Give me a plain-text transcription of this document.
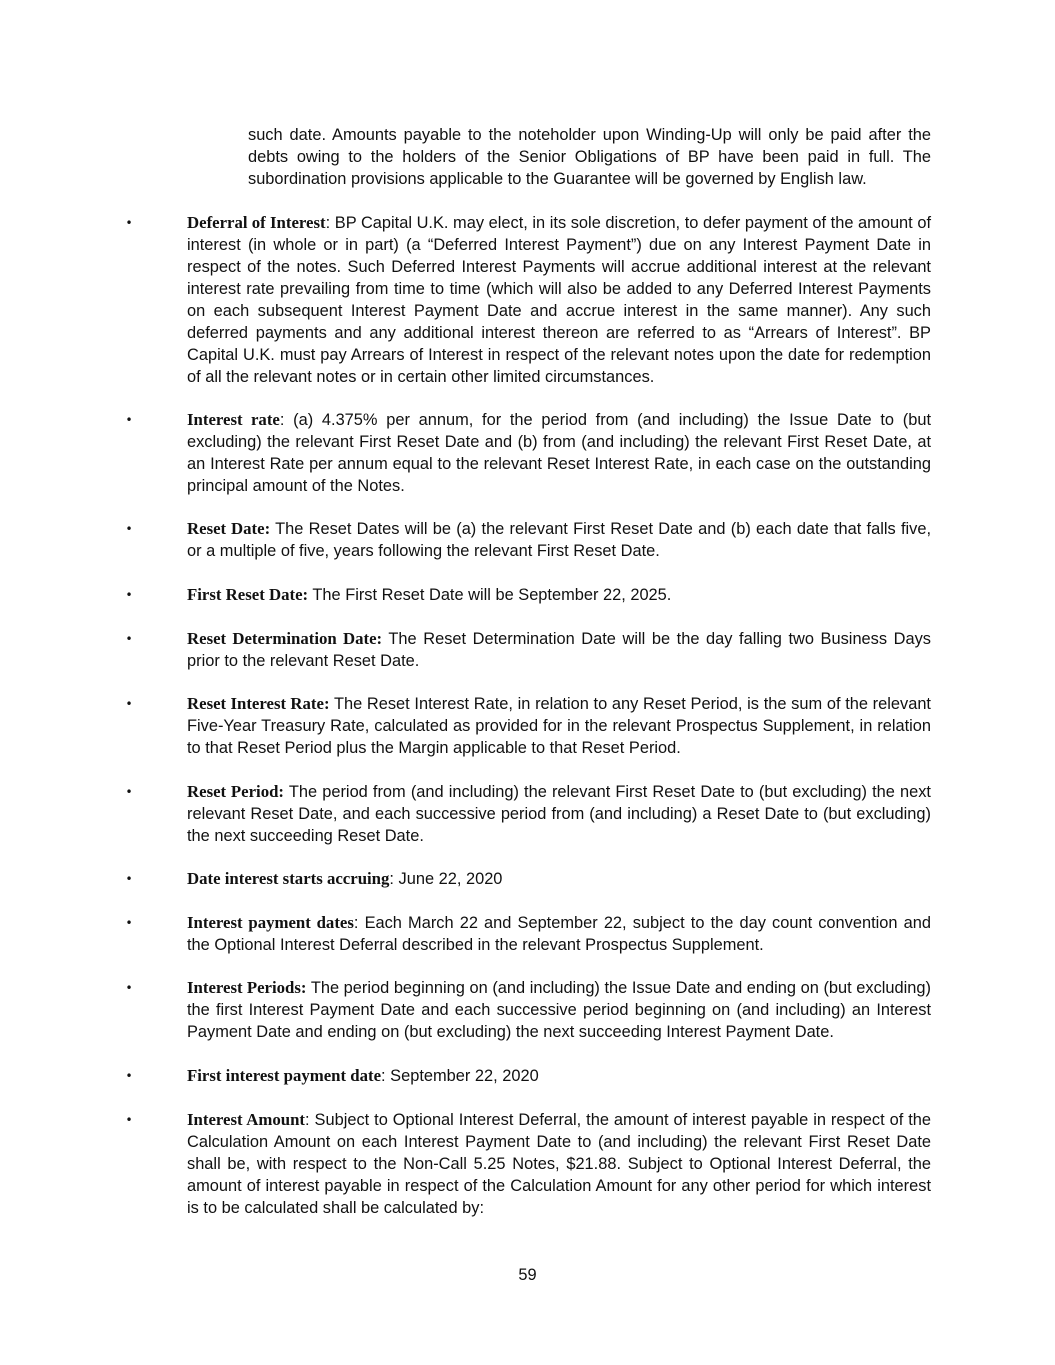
such date. Amounts payable to the noteholder upon Winding-Up will only be paid after the debts owing to the holders of the Senior Obligations of BP have been paid in full. The subordination provisions applicable to the Guarantee will be governed by English law.

•	Deferral of Interest: BP Capital U.K. may elect, in its sole discretion, to defer payment of the amount of interest (in whole or in part) (a “Deferred Interest Payment”) due on any Interest Payment Date in respect of the notes. Such Deferred Interest Payments will accrue additional interest at the relevant interest rate prevailing from time to time (which will also be added to any Deferred Interest Payments on each subsequent Interest Payment Date and accrue interest in the same manner). Any such deferred payments and any additional interest thereon are referred to as “Arrears of Interest”. BP Capital U.K. must pay Arrears of Interest in respect of the relevant notes upon the date for redemption of all the relevant notes or in certain other limited circumstances.

•	Interest rate: (a) 4.375% per annum, for the period from (and including) the Issue Date to (but excluding) the relevant First Reset Date and (b) from (and including) the relevant First Reset Date, at an Interest Rate per annum equal to the relevant Reset Interest Rate, in each case on the outstanding principal amount of the Notes.

•	Reset Date: The Reset Dates will be (a) the relevant First Reset Date and (b) each date that falls five, or a multiple of five, years following the relevant First Reset Date.

•	First Reset Date: The First Reset Date will be September 22, 2025.

•	Reset Determination Date: The Reset Determination Date will be the day falling two Business Days prior to the relevant Reset Date.

•	Reset Interest Rate: The Reset Interest Rate, in relation to any Reset Period, is the sum of the relevant Five-Year Treasury Rate, calculated as provided for in the relevant Prospectus Supplement, in relation to that Reset Period plus the Margin applicable to that Reset Period.

•	Reset Period: The period from (and including) the relevant First Reset Date to (but excluding) the next relevant Reset Date, and each successive period from (and including) a Reset Date to (but excluding) the next succeeding Reset Date.

•	Date interest starts accruing: June 22, 2020

•	Interest payment dates: Each March 22 and September 22, subject to the day count convention and the Optional Interest Deferral described in the relevant Prospectus Supplement.

•	Interest Periods: The period beginning on (and including) the Issue Date and ending on (but excluding) the first Interest Payment Date and each successive period beginning on (and including) an Interest Payment Date and ending on (but excluding) the next succeeding Interest Payment Date.

•	First interest payment date: September 22, 2020

•	Interest Amount: Subject to Optional Interest Deferral, the amount of interest payable in respect of the Calculation Amount on each Interest Payment Date to (and including) the relevant First Reset Date shall be, with respect to the Non-Call 5.25 Notes, $21.88. Subject to Optional Interest Deferral, the amount of interest payable in respect of the Calculation Amount for any other period for which interest is to be calculated shall be calculated by:

59
